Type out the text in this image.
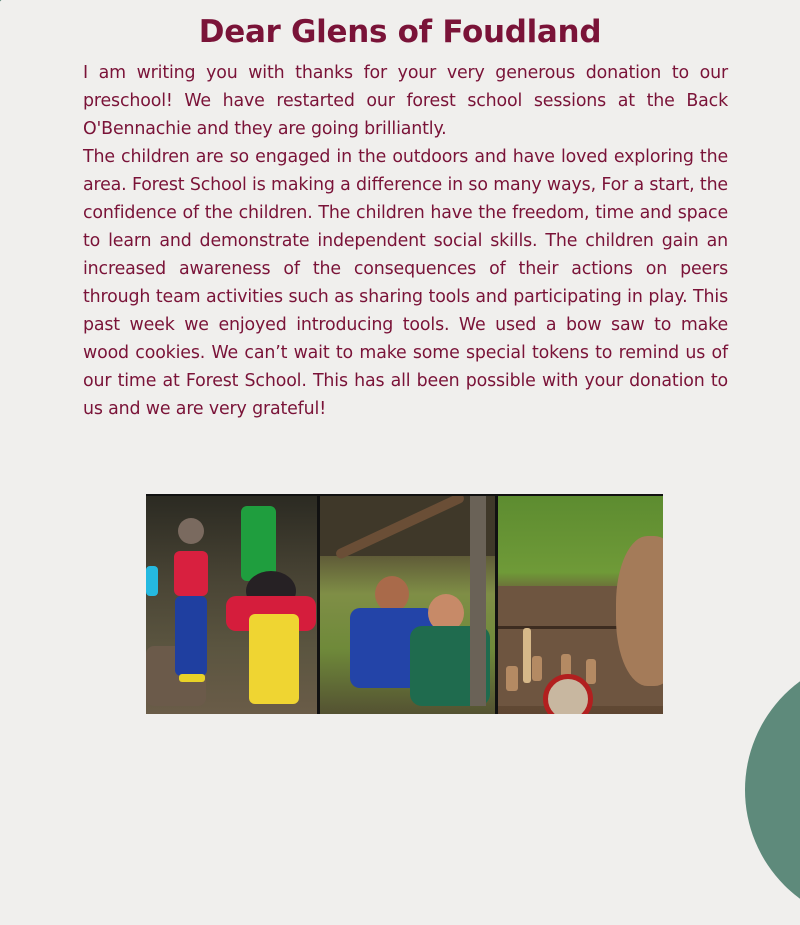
Dear Glens of Foudland

I am writing you with thanks for your very generous donation to our preschool! We have restarted our forest school sessions at the Back O'Bennachie and they are going brilliantly.

The children are so engaged in the outdoors and have loved exploring the area. Forest School is making a difference in so many ways, For a start, the confidence of the children. The children have the freedom, time and space to learn and demonstrate independent social skills. The children gain an increased awareness of the consequences of their actions on peers through team activities such as sharing tools and participating in play. This past week we enjoyed introducing tools. We used a bow saw to make wood cookies. We can’t wait to make some special tokens to remind us of our time at Forest School. This has all been possible with your donation to us and we are very grateful!
